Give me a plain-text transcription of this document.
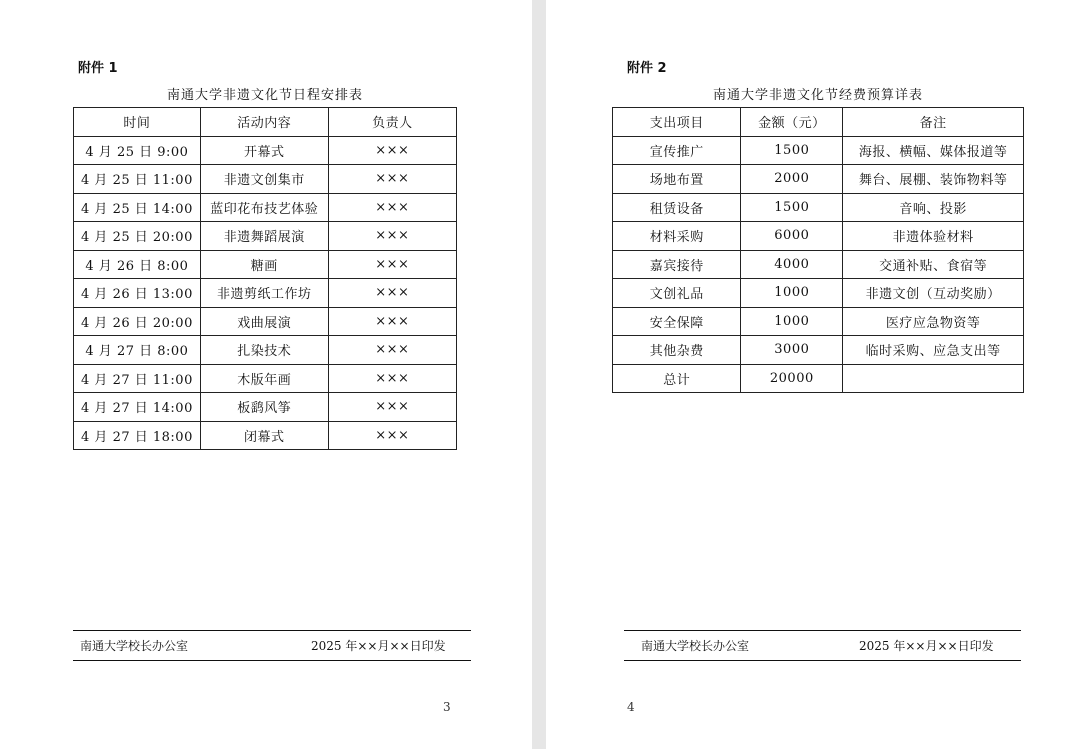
附件 1
南通大学非遗文化节日程安排表
时间	活动内容	负责人
4 月 25 日 9:00	开幕式	×××
4 月 25 日 11:00	非遗文创集市	×××
4 月 25 日 14:00	蓝印花布技艺体验	×××
4 月 25 日 20:00	非遗舞蹈展演	×××
4 月 26 日 8:00	糖画	×××
4 月 26 日 13:00	非遗剪纸工作坊	×××
4 月 26 日 20:00	戏曲展演	×××
4 月 27 日 8:00	扎染技术	×××
4 月 27 日 11:00	木版年画	×××
4 月 27 日 14:00	板鹞风筝	×××
4 月 27 日 18:00	闭幕式	×××
南通大学校长办公室	2025 年××月××日印发
3
附件 2
南通大学非遗文化节经费预算详表
支出项目	金额（元）	备注
宣传推广	1500	海报、横幅、媒体报道等
场地布置	2000	舞台、展棚、装饰物料等
租赁设备	1500	音响、投影
材料采购	6000	非遗体验材料
嘉宾接待	4000	交通补贴、食宿等
文创礼品	1000	非遗文创（互动奖励）
安全保障	1000	医疗应急物资等
其他杂费	3000	临时采购、应急支出等
总计	20000	
南通大学校长办公室	2025 年××月××日印发
4
